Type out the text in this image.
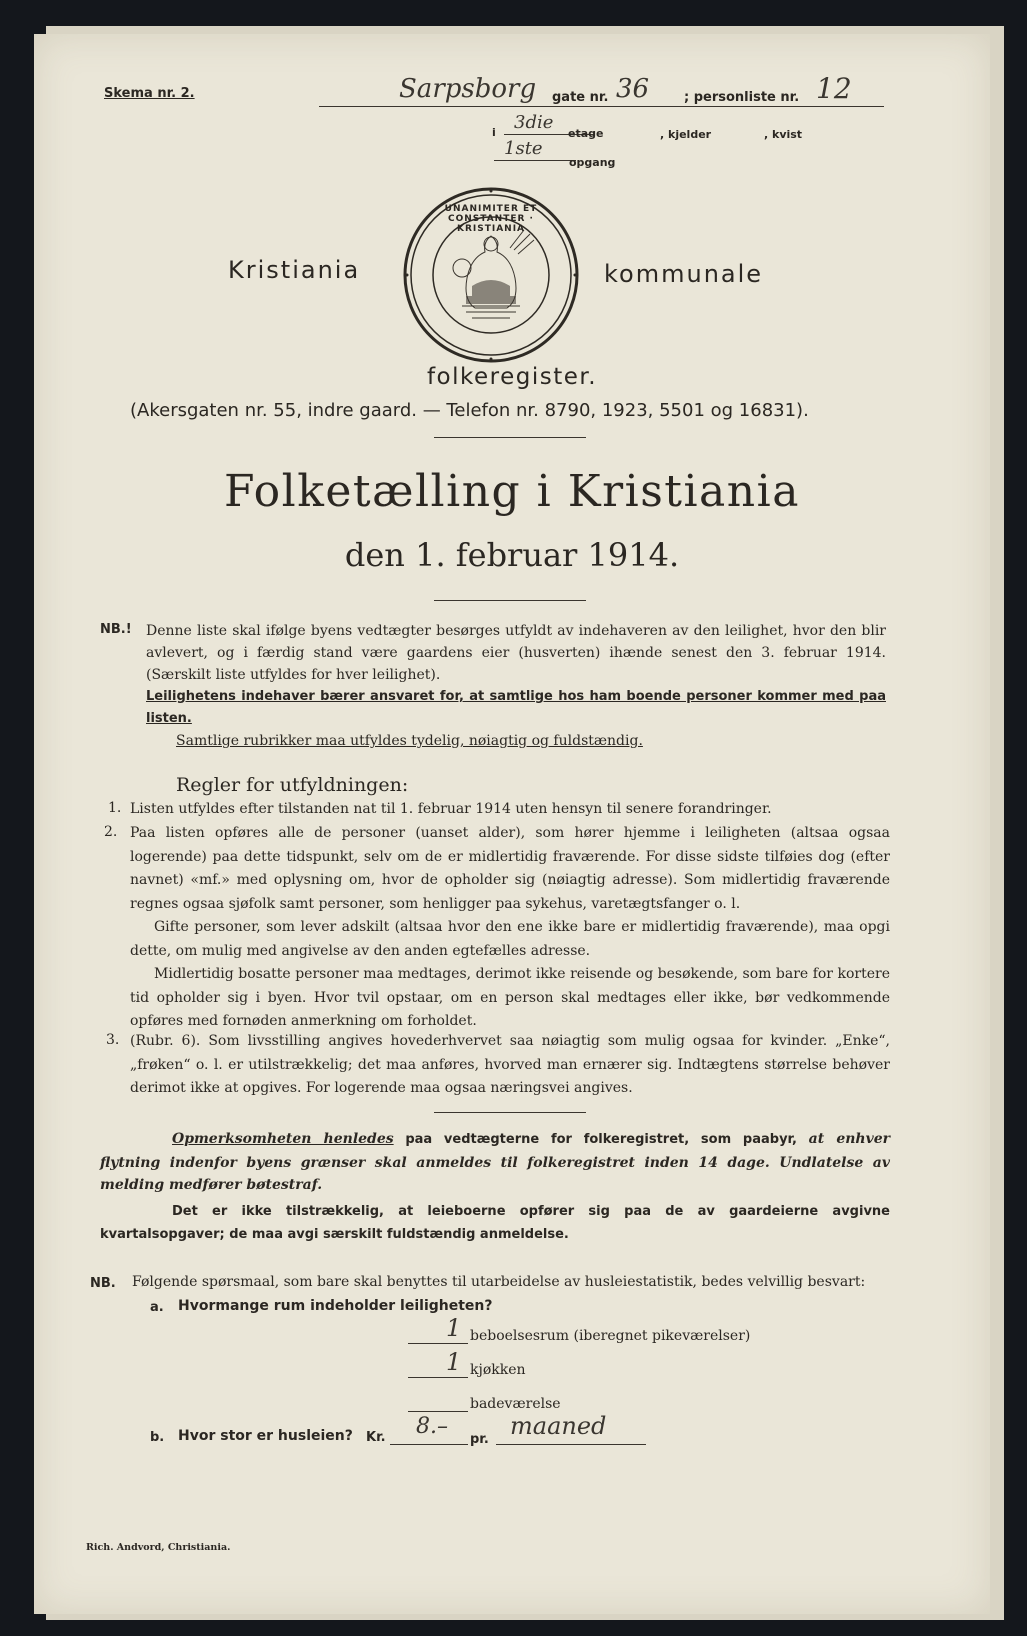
Skema nr. 2.	Sarpsborg gate nr. 36	; personliste nr. 12
i 3die
etage	, kjelder	, kvist
1ste
opgang
Kristiania	kommunale
UNANIMITER ET CONSTANTER · KRISTIANIA
folkeregister.
(Akersgaten nr. 55, indre gaard. — Telefon nr. 8790, 1923, 5501 og 16831).
Folketælling i Kristiania
den 1. februar 1914.
NB.! Denne liste skal ifølge byens vedtægter besørges utfyldt av indehaveren av den leilighet, hvor den blir avlevert, og i færdig stand være gaardens eier (husverten) ihænde senest den 3. februar 1914. (Særskilt liste utfyldes for hver leilighet).

Leilighetens indehaver bærer ansvaret for, at samtlige hos ham boende personer kommer med paa listen.
Samtlige rubrikker maa utfyldes tydelig, nøiagtig og fuldstændig.
Regler for utfyldningen:
1. Listen utfyldes efter tilstanden nat til 1. februar 1914 uten hensyn til senere forandringer.
2. Paa listen opføres alle de personer (uanset alder), som hører hjemme i leiligheten (altsaa ogsaa logerende) paa dette tidspunkt, selv om de er midlertidig fraværende. For disse sidste tilføies dog (efter navnet) «mf.» med oplysning om, hvor de opholder sig (nøiagtig adresse). Som midlertidig fraværende regnes ogsaa sjøfolk samt personer, som henligger paa sykehus, varetægtsfanger o. l.
Gifte personer, som lever adskilt (altsaa hvor den ene ikke bare er midlertidig fraværende), maa opgi dette, om mulig med angivelse av den anden egtefælles adresse.
Midlertidig bosatte personer maa medtages, derimot ikke reisende og besøkende, som bare for kortere tid opholder sig i byen. Hvor tvil opstaar, om en person skal medtages eller ikke, bør vedkommende opføres med fornøden anmerkning om forholdet.
3. (Rubr. 6). Som livsstilling angives hovederhvervet saa nøiagtig som mulig ogsaa for kvinder. „Enke“, „frøken“ o. l. er utilstrækkelig; det maa anføres, hvorved man ernærer sig. Indtægtens størrelse behøver derimot ikke at opgives. For logerende maa ogsaa næringsvei angives.
Opmerksomheten henledes paa vedtægterne for folkeregistret, som paabyr, at enhver flytning indenfor byens grænser skal anmeldes til folkeregistret inden 14 dage. Undlatelse av melding medfører bøtestraf.
Det er ikke tilstrækkelig, at leieboerne opfører sig paa de av gaardeierne avgivne kvartalsopgaver; de maa avgi særskilt fuldstændig anmeldelse.
NB. Følgende spørsmaal, som bare skal benyttes til utarbeidelse av husleiestatistik, bedes velvillig besvart:
a. Hvormange rum indeholder leiligheten?
1 beboelsesrum (iberegnet pikeværelser)
1 kjøkken
badeværelse
b. Hvor stor er husleien? Kr. 8.–
pr. maaned
Rich. Andvord, Christiania.
